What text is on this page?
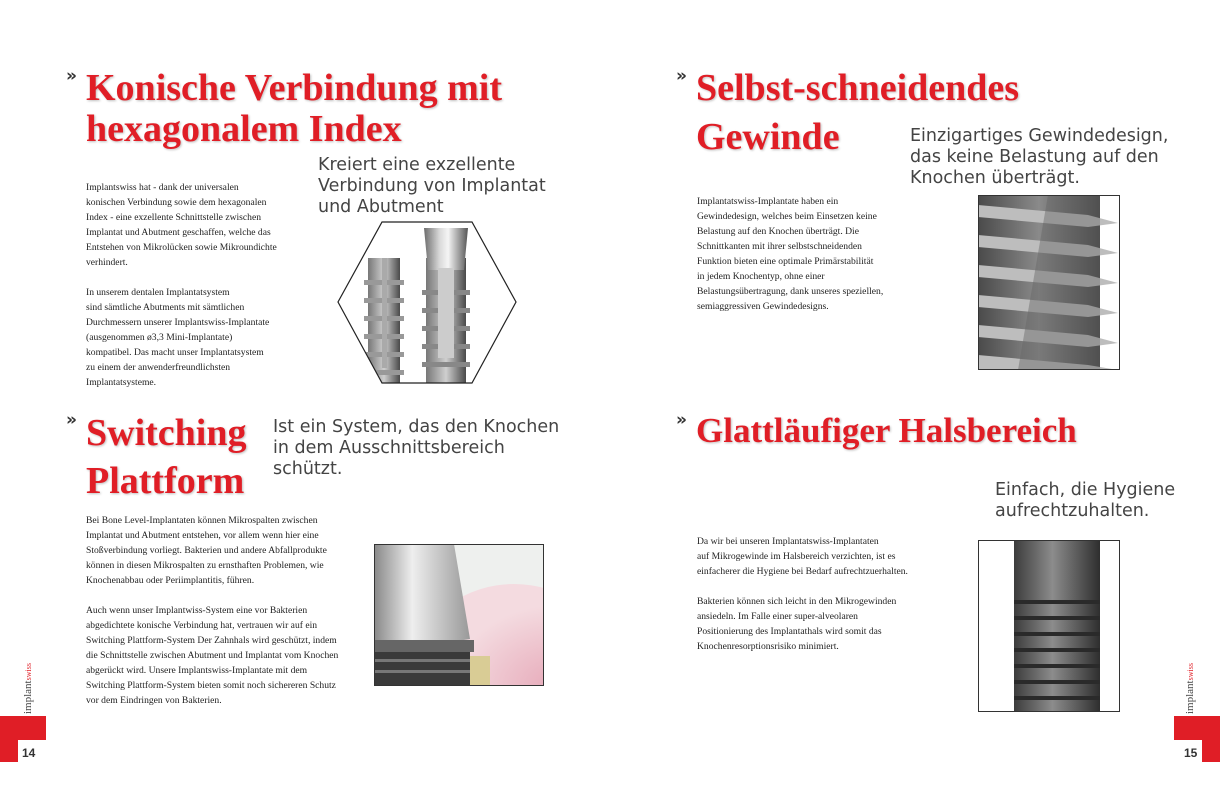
» Konische Verbindung mit
hexagonalem Index
Kreiert eine exzellente
Verbindung von Implantat
und Abutment

Implantswiss hat - dank der universalen
konischen Verbindung sowie dem hexagonalen
Index - eine exzellente Schnittstelle zwischen
Implantat und Abutment geschaffen, welche das
Entstehen von Mikrolücken sowie Mikroundichte
verhindert.

In unserem dentalen Implantatsystem
sind sämtliche Abutments mit sämtlichen
Durchmessern unserer Implantswiss-Implantate
(ausgenommen ø3,3 Mini-Implantate)
kompatibel. Das macht unser Implantatsystem
zu einem der anwenderfreundlichsten
Implantatsysteme.

» Switching
Plattform
Ist ein System, das den Knochen
in dem Ausschnittsbereich
schützt.

Bei Bone Level-Implantaten können Mikrospalten zwischen
Implantat und Abutment entstehen, vor allem wenn hier eine
Stoßverbindung vorliegt. Bakterien und andere Abfallprodukte
können in diesen Mikrospalten zu ernsthaften Problemen, wie
Knochenabbau oder Periimplantitis, führen.

Auch wenn unser Implantwiss-System eine vor Bakterien
abgedichtete konische Verbindung hat, vertrauen wir auf ein
Switching Plattform-System Der Zahnhals wird geschützt, indem
die Schnittstelle zwischen Abutment und Implantat vom Knochen
abgerückt wird. Unsere Implantswiss-Implantate mit dem
Switching Plattform-System bieten somit noch sichereren Schutz
vor dem Eindringen von Bakterien.

implantswiss
14
» Selbst-schneidendes
Gewinde	Einzigartiges Gewindedesign,
das keine Belastung auf den
Knochen überträgt.

Implantatswiss-Implantate haben ein
Gewindedesign, welches beim Einsetzen keine
Belastung auf den Knochen überträgt. Die
Schnittkanten mit ihrer selbstschneidenden
Funktion bieten eine optimale Primärstabilität
in jedem Knochentyp, ohne einer
Belastungsübertragung, dank unseres speziellen,
semiaggressiven Gewindedesigns.

» Glattläufiger Halsbereich
Einfach, die Hygiene
aufrechtzuhalten.

Da wir bei unseren Implantatswiss-Implantaten
auf Mikrogewinde im Halsbereich verzichten, ist es
einfacherer die Hygiene bei Bedarf aufrechtzuerhalten.

Bakterien können sich leicht in den Mikrogewinden
ansiedeln. Im Falle einer super-alveolaren
Positionierung des Implantathals wird somit das
Knochenresorptionsrisiko minimiert.

implantswiss
15
